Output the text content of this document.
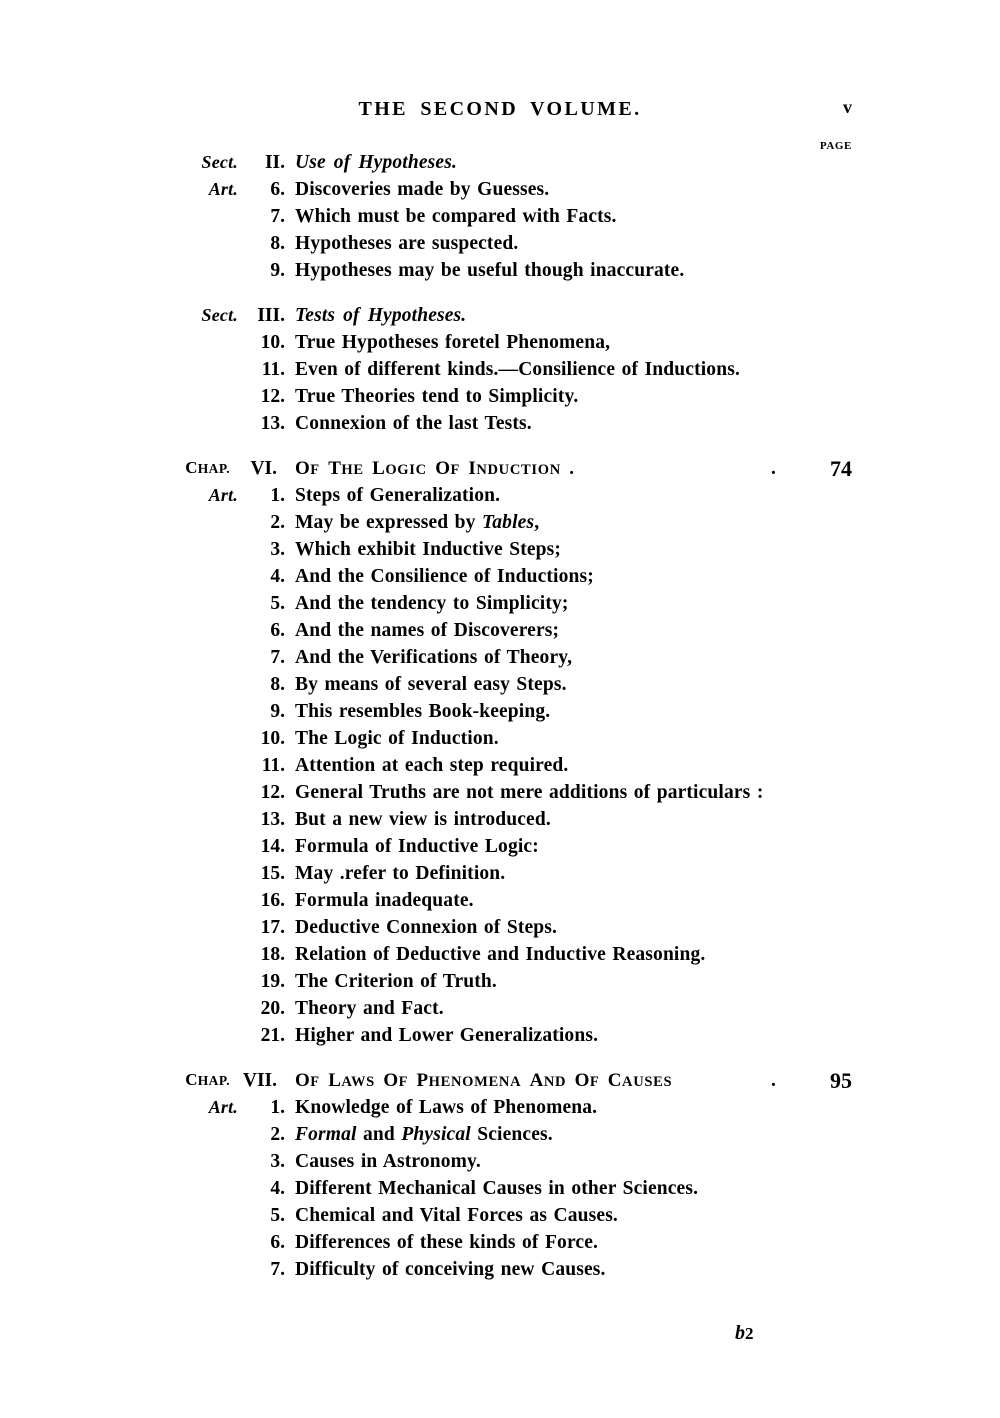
THE SECOND VOLUME.	v
PAGE
Sect.	II. Use of Hypotheses.
Art.	6. Discoveries made by Guesses.
7. Which must be compared with Facts.
8. Hypotheses are suspected.
9. Hypotheses may be useful though inaccurate.
Sect. III. Tests of Hypotheses.
10. True Hypotheses foretel Phenomena,
11. Even of different kinds.—Consilience of Inductions.
12. True Theories tend to Simplicity.
13. Connexion of the last Tests.
CHAP.	VI. OF THE LOGIC OF INDUCTION .	.	74
Art.	1. Steps of Generalization.
2. May be expressed by Tables,
3. Which exhibit Inductive Steps;
4. And the Consilience of Inductions;
5. And the tendency to Simplicity;
6. And the names of Discoverers;
7. And the Verifications of Theory,
8. By means of several easy Steps.
9. This resembles Book-keeping.
10. The Logic of Induction.
11. Attention at each step required.
12. General Truths are not mere additions of particulars :
13. But a new view is introduced.
14. Formula of Inductive Logic:
15. May .refer to Definition.
16. Formula inadequate.
17. Deductive Connexion of Steps.
18. Relation of Deductive and Inductive Reasoning.
19. The Criterion of Truth.
20. Theory and Fact.
21. Higher and Lower Generalizations.
CHAP. VII. OF LAWS OF PHENOMENA AND OF CAUSES	.	95
Art.	1. Knowledge of Laws of Phenomena.
2. Formal and Physical Sciences.
3. Causes in Astronomy.
4. Different Mechanical Causes in other Sciences.
5. Chemical and Vital Forces as Causes.
6. Differences of these kinds of Force.
7. Difficulty of conceiving new Causes.
b2
